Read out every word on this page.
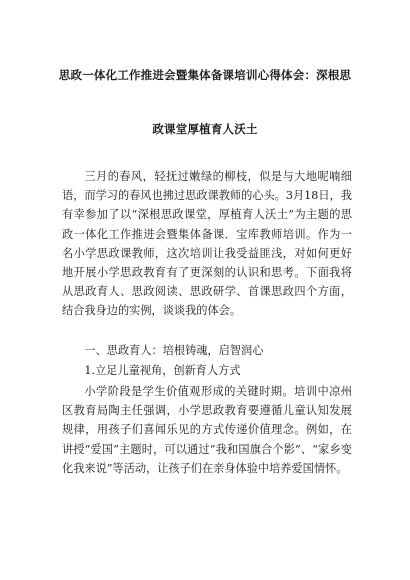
思政一体化工作推进会暨集体备课培训心得体会：深根思
政课堂厚植育人沃土
三月的春风，轻抚过嫩绿的柳枝，似是与大地呢喃细语，而学习的春风也拂过思政课教师的心头。3月18日，我有幸参加了以“深根思政课堂，厚植育人沃土”为主题的思政一体化工作推进会暨集体备课．宝库教师培训。作为一名小学思政课教师，这次培训让我受益匪浅，对如何更好地开展小学思政教育有了更深刻的认识和思考。下面我将从思政育人、思政阅读、思政研学、首课思政四个方面，结合我身边的实例，谈谈我的体会。
一、思政育人：培根铸魂，启智润心
1.立足儿童视角，创新育人方式
小学阶段是学生价值观形成的关键时期。培训中凉州区教育局陶主任强调，小学思政教育要遵循儿童认知发展规律，用孩子们喜闻乐见的方式传递价值理念。例如，在讲授“爱国”主题时，可以通过“我和国旗合个影”、“家乡变化我来说”等活动，让孩子们在亲身体验中培养爱国情怀。
